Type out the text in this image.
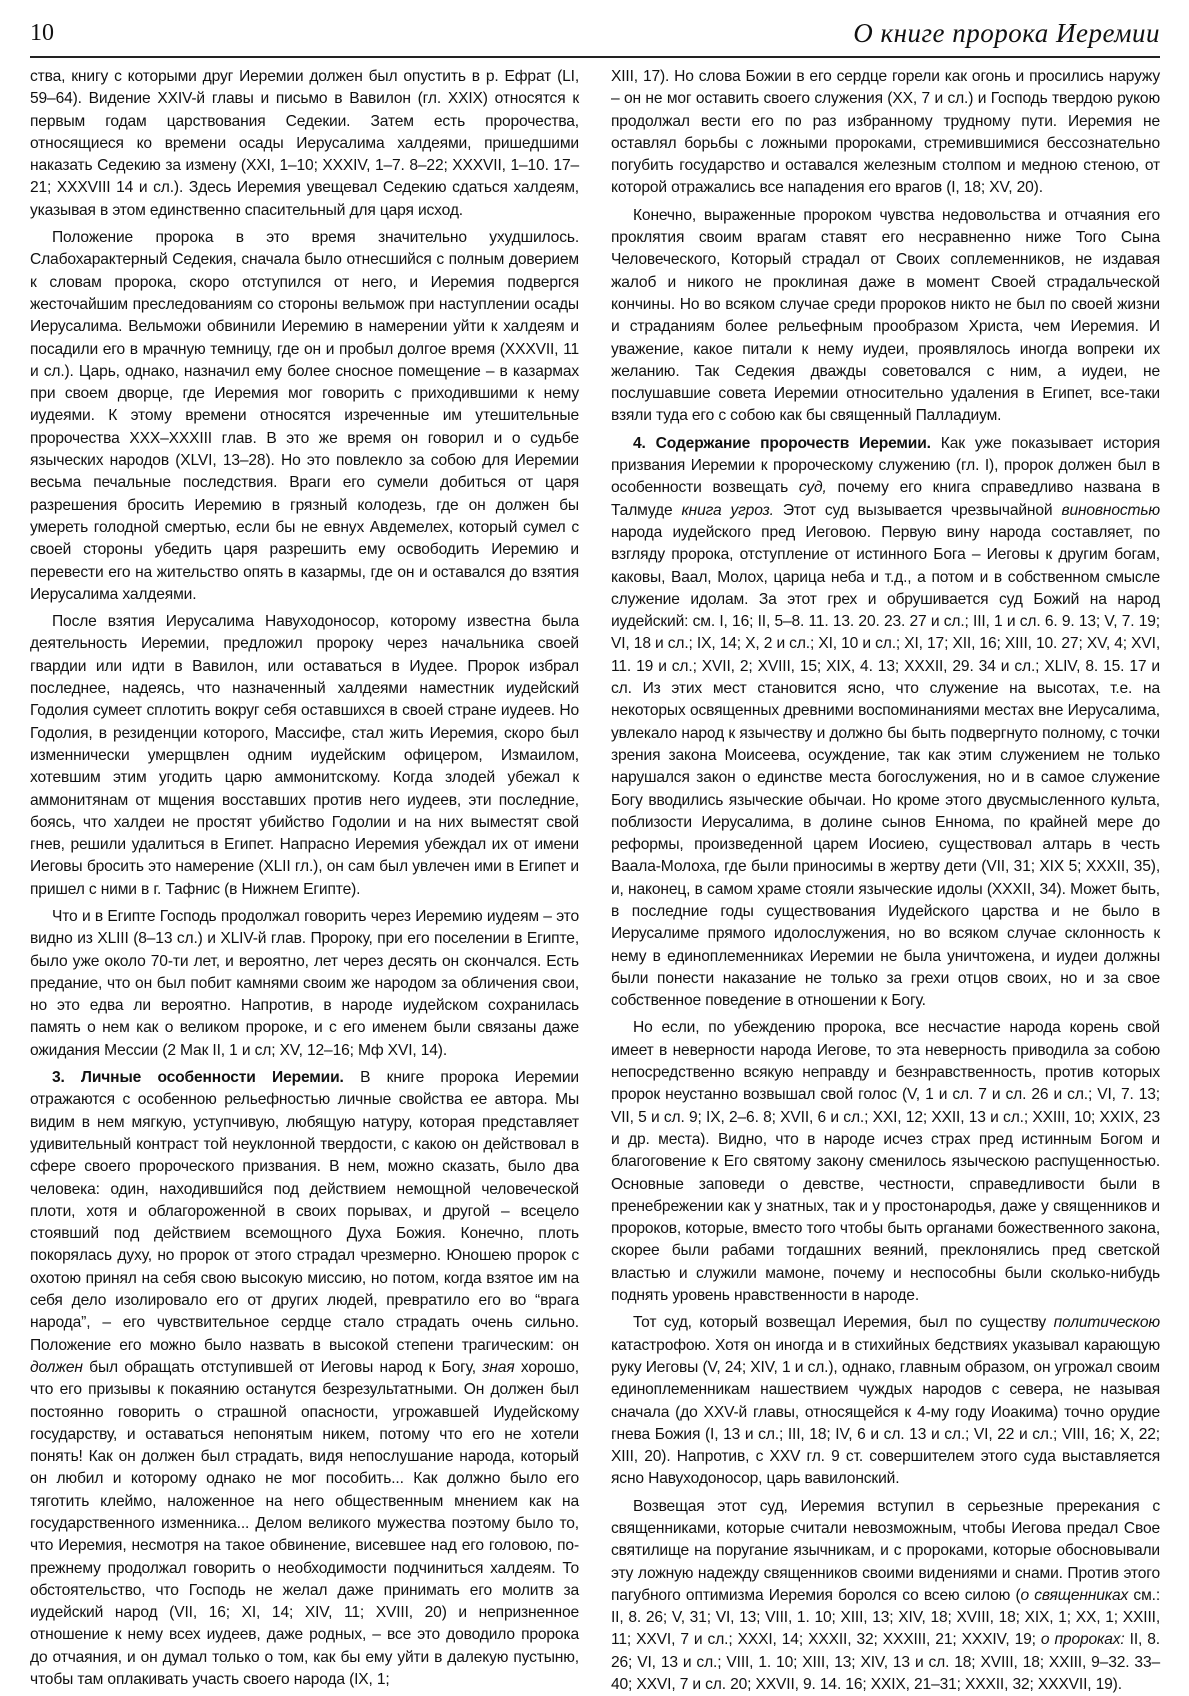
10	О книге пророка Иеремии

ства, книгу с которыми друг Иеремии должен был опустить в р. Ефрат (LI, 59–64). Видение XXIV-й главы и письмо в Вавилон (гл. XXIX) относятся к первым годам царствования Седекии. Затем есть пророчества, относящиеся ко времени осады Иерусалима халдеями, пришедшими наказать Седекию за измену (XXI, 1–10; XXXIV, 1–7. 8–22; XXXVII, 1–10. 17–21; XXXVIII 14 и сл.). Здесь Иеремия увещевал Седекию сдаться халдеям, указывая в этом единственно спасительный для царя исход.

Положение пророка в это время значительно ухудшилось. Слабохарактерный Седекия, сначала было отнесшийся с полным доверием к словам пророка, скоро отступился от него, и Иеремия подвергся жесточайшим преследованиям со стороны вельмож при наступлении осады Иерусалима. Вельможи обвинили Иеремию в намерении уйти к халдеям и посадили его в мрачную темницу, где он и пробыл долгое время (XXXVII, 11 и сл.). Царь, однако, назначил ему более сносное помещение – в казармах при своем дворце, где Иеремия мог говорить с приходившими к нему иудеями. К этому времени относятся изреченные им утешительные пророчества XXX–XXXIII глав. В это же время он говорил и о судьбе языческих народов (XLVI, 13–28). Но это повлекло за собою для Иеремии весьма печальные последствия. Враги его сумели добиться от царя разрешения бросить Иеремию в грязный колодезь, где он должен бы умереть голодной смертью, если бы не евнух Авдемелех, который сумел с своей стороны убедить царя разрешить ему освободить Иеремию и перевести его на жительство опять в казармы, где он и оставался до взятия Иерусалима халдеями.

После взятия Иерусалима Навуходоносор, которому известна была деятельность Иеремии, предложил пророку через начальника своей гвардии или идти в Вавилон, или оставаться в Иудее. Пророк избрал последнее, надеясь, что назначенный халдеями наместник иудейский Годолия сумеет сплотить вокруг себя оставшихся в своей стране иудеев. Но Годолия, в резиденции которого, Массифе, стал жить Иеремия, скоро был изменнически умерщвлен одним иудейским офицером, Измаилом, хотевшим этим угодить царю аммонитскому. Когда злодей убежал к аммонитянам от мщения восставших против него иудеев, эти последние, боясь, что халдеи не простят убийство Годолии и на них выместят свой гнев, решили удалиться в Египет. Напрасно Иеремия убеждал их от имени Иеговы бросить это намерение (XLII гл.), он сам был увлечен ими в Египет и пришел с ними в г. Тафнис (в Нижнем Египте).

Что и в Египте Господь продолжал говорить через Иеремию иудеям – это видно из XLIII (8–13 сл.) и XLIV-й глав. Пророку, при его поселении в Египте, было уже около 70-ти лет, и вероятно, лет через десять он скончался. Есть предание, что он был побит камнями своим же народом за обличения свои, но это едва ли вероятно. Напротив, в народе иудейском сохранилась память о нем как о великом пророке, и с его именем были связаны даже ожидания Мессии (2 Мак II, 1 и сл; XV, 12–16; Мф XVI, 14).

3. Личные особенности Иеремии. В книге пророка Иеремии отражаются с особенною рельефностью личные свойства ее автора. Мы видим в нем мягкую, уступчивую, любящую натуру, которая представляет удивительный контраст той неуклонной твердости, с какою он действовал в сфере своего пророческого призвания. В нем, можно сказать, было два человека: один, находившийся под действием немощной человеческой плоти, хотя и облагороженной в своих порывах, и другой – всецело стоявший под действием всемощного Духа Божия. Конечно, плоть покорялась духу, но пророк от этого страдал чрезмерно. Юношею пророк с охотою принял на себя свою высокую миссию, но потом, когда взятое им на себя дело изолировало его от других людей, превратило его во “врага народа”, – его чувствительное сердце стало страдать очень сильно. Положение его можно было назвать в высокой степени трагическим: он должен был обращать отступившей от Иеговы народ к Богу, зная хорошо, что его призывы к покаянию останутся безрезультатными. Он должен был постоянно говорить о страшной опасности, угрожавшей Иудейскому государству, и оставаться непонятым никем, потому что его не хотели понять! Как он должен был страдать, видя непослушание народа, который он любил и которому однако не мог пособить... Как должно было его тяготить клеймо, наложенное на него общественным мнением как на государственного изменника... Делом великого мужества поэтому было то, что Иеремия, несмотря на такое обвинение, висевшее над его головою, по-прежнему продолжал говорить о необходимости подчиниться халдеям. То обстоятельство, что Господь не желал даже принимать его молитв за иудейский народ (VII, 16; XI, 14; XIV, 11; XVIII, 20) и непризненное отношение к нему всех иудеев, даже родных, – все это доводило пророка до отчаяния, и он думал только о том, как бы ему уйти в далекую пустыню, чтобы там оплакивать участь своего народа (IX, 1;

XIII, 17). Но слова Божии в его сердце горели как огонь и просились наружу – он не мог оставить своего служения (XX, 7 и сл.) и Господь твердою рукою продолжал вести его по раз избранному трудному пути. Иеремия не оставлял борьбы с ложными пророками, стремившимися бессознательно погубить государство и оставался железным столпом и медною стеною, от которой отражались все нападения его врагов (I, 18; XV, 20).

Конечно, выраженные пророком чувства недовольства и отчаяния его проклятия своим врагам ставят его несравненно ниже Того Сына Человеческого, Который страдал от Своих соплеменников, не издавая жалоб и никого не проклиная даже в момент Своей страдальческой кончины. Но во всяком случае среди пророков никто не был по своей жизни и страданиям более рельефным прообразом Христа, чем Иеремия. И уважение, какое питали к нему иудеи, проявлялось иногда вопреки их желанию. Так Седекия дважды советовался с ним, а иудеи, не послушавшие совета Иеремии относительно удаления в Египет, все-таки взяли туда его с собою как бы священный Палладиум.

4. Содержание пророчеств Иеремии. Как уже показывает история призвания Иеремии к пророческому служению (гл. I), пророк должен был в особенности возвещать суд, почему его книга справедливо названа в Талмуде книга угроз. Этот суд вызывается чрезвычайной виновностью народа иудейского пред Иеговою. Первую вину народа составляет, по взгляду пророка, отступление от истинного Бога – Иеговы к другим богам, каковы, Ваал, Молох, царица неба и т.д., а потом и в собственном смысле служение идолам. За этот грех и обрушивается суд Божий на народ иудейский: см. I, 16; II, 5–8. 11. 13. 20. 23. 27 и сл.; III, 1 и сл. 6. 9. 13; V, 7. 19; VI, 18 и сл.; IX, 14; X, 2 и сл.; XI, 10 и сл.; XI, 17; XII, 16; XIII, 10. 27; XV, 4; XVI, 11. 19 и сл.; XVII, 2; XVIII, 15; XIX, 4. 13; XXXII, 29. 34 и сл.; XLIV, 8. 15. 17 и сл. Из этих мест становится ясно, что служение на высотах, т.е. на некоторых освященных древними воспоминаниями местах вне Иерусалима, увлекало народ к язычеству и должно бы быть подвергнуто полному, с точки зрения закона Моисеева, осуждение, так как этим служением не только нарушался закон о единстве места богослужения, но и в самое служение Богу вводились языческие обычаи. Но кроме этого двусмысленного культа, поблизости Иерусалима, в долине сынов Еннома, по крайней мере до реформы, произведенной царем Иосиею, существовал алтарь в честь Ваала-Молоха, где были приносимы в жертву дети (VII, 31; XIX 5; XXXII, 35), и, наконец, в самом храме стояли языческие идолы (XXXII, 34). Может быть, в последние годы существования Иудейского царства и не было в Иерусалиме прямого идолослужения, но во всяком случае склонность к нему в единоплеменниках Иеремии не была уничтожена, и иудеи должны были понести наказание не только за грехи отцов своих, но и за свое собственное поведение в отношении к Богу.

Но если, по убеждению пророка, все несчастие народа корень свой имеет в неверности народа Иегове, то эта неверность приводила за собою непосредственно всякую неправду и безнравственность, против которых пророк неустанно возвышал свой голос (V, 1 и сл. 7 и сл. 26 и сл.; VI, 7. 13; VII, 5 и сл. 9; IX, 2–6. 8; XVII, 6 и сл.; XXI, 12; XXII, 13 и сл.; XXIII, 10; XXIX, 23 и др. места). Видно, что в народе исчез страх пред истинным Богом и благоговение к Его святому закону сменилось языческою распущенностью. Основные заповеди о девстве, честности, справедливости были в пренебрежении как у знатных, так и у простонародья, даже у священников и пророков, которые, вместо того чтобы быть органами божественного закона, скорее были рабами тогдашних веяний, преклонялись пред светской властью и служили мамоне, почему и неспособны были сколько-нибудь поднять уровень нравственности в народе.

Тот суд, который возвещал Иеремия, был по существу политическою катастрофою. Хотя он иногда и в стихийных бедствиях указывал карающую руку Иеговы (V, 24; XIV, 1 и сл.), однако, главным образом, он угрожал своим единоплеменникам нашествием чуждых народов с севера, не называя сначала (до XXV-й главы, относящейся к 4-му году Иоакима) точно орудие гнева Божия (I, 13 и сл.; III, 18; IV, 6 и сл. 13 и сл.; VI, 22 и сл.; VIII, 16; X, 22; XIII, 20). Напротив, с XXV гл. 9 ст. совершителем этого суда выставляется ясно Навуходоносор, царь вавилонский.

Возвещая этот суд, Иеремия вступил в серьезные пререкания с священниками, которые считали невозможным, чтобы Иегова предал Свое святилище на поругание язычникам, и с пророками, которые обосновывали эту ложную надежду священников своими видениями и снами. Против этого пагубного оптимизма Иеремия боролся со всею силою (о священниках см.: II, 8. 26; V, 31; VI, 13; VIII, 1. 10; XIII, 13; XIV, 18; XVIII, 18; XIX, 1; XX, 1; XXIII, 11; XXVI, 7 и сл.; XXXI, 14; XXXII, 32; XXXIII, 21; XXXIV, 19; о пророках: II, 8. 26; VI, 13 и сл.; VIII, 1. 10; XIII, 13; XIV, 13 и сл. 18; XVIII, 18; XXIII, 9–32. 33–40; XXVI, 7 и сл. 20; XXVII, 9. 14. 16; XXIX, 21–31; XXXII, 32; XXXVII, 19).
